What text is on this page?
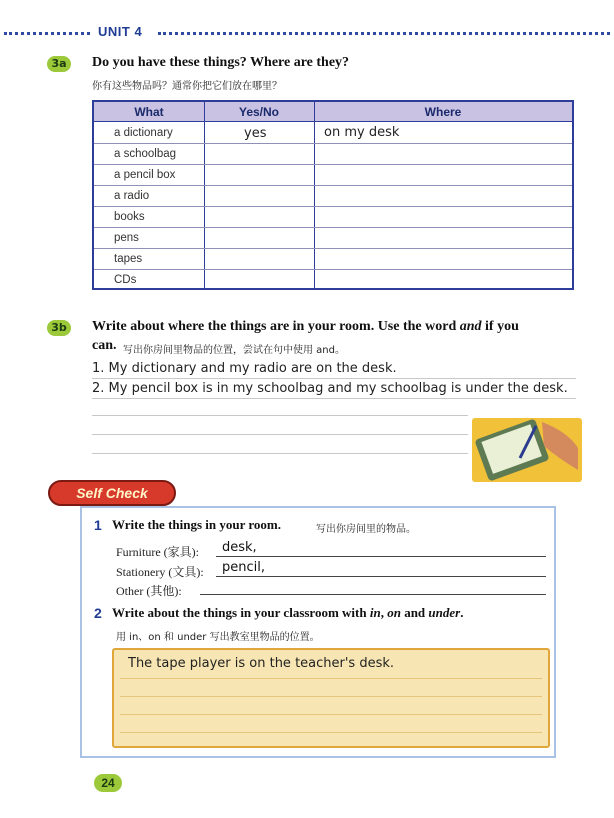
UNIT 4
3a	Do you have these things? Where are they?
你有这些物品吗？通常你把它们放在哪里？
What	Yes/No	Where
a dictionary	yes	on my desk
a schoolbag
a pencil box
a radio
books
pens
tapes
CDs
3b	Write about where the things are in your room. Use the word and if you
can. 写出你房间里物品的位置，尝试在句中使用 and。
1. My dictionary and my radio are on the desk.
2. My pencil box is in my schoolbag and my schoolbag is under the desk.
Self Check
1 Write the things in your room.	写出你房间里的物品。
Furniture (家具): desk,
Stationery (文具): pencil,
Other (其他):
2 Write about the things in your classroom with in, on and under.
用 in、on 和 under 写出教室里物品的位置。
The tape player is on the teacher's desk.
24
